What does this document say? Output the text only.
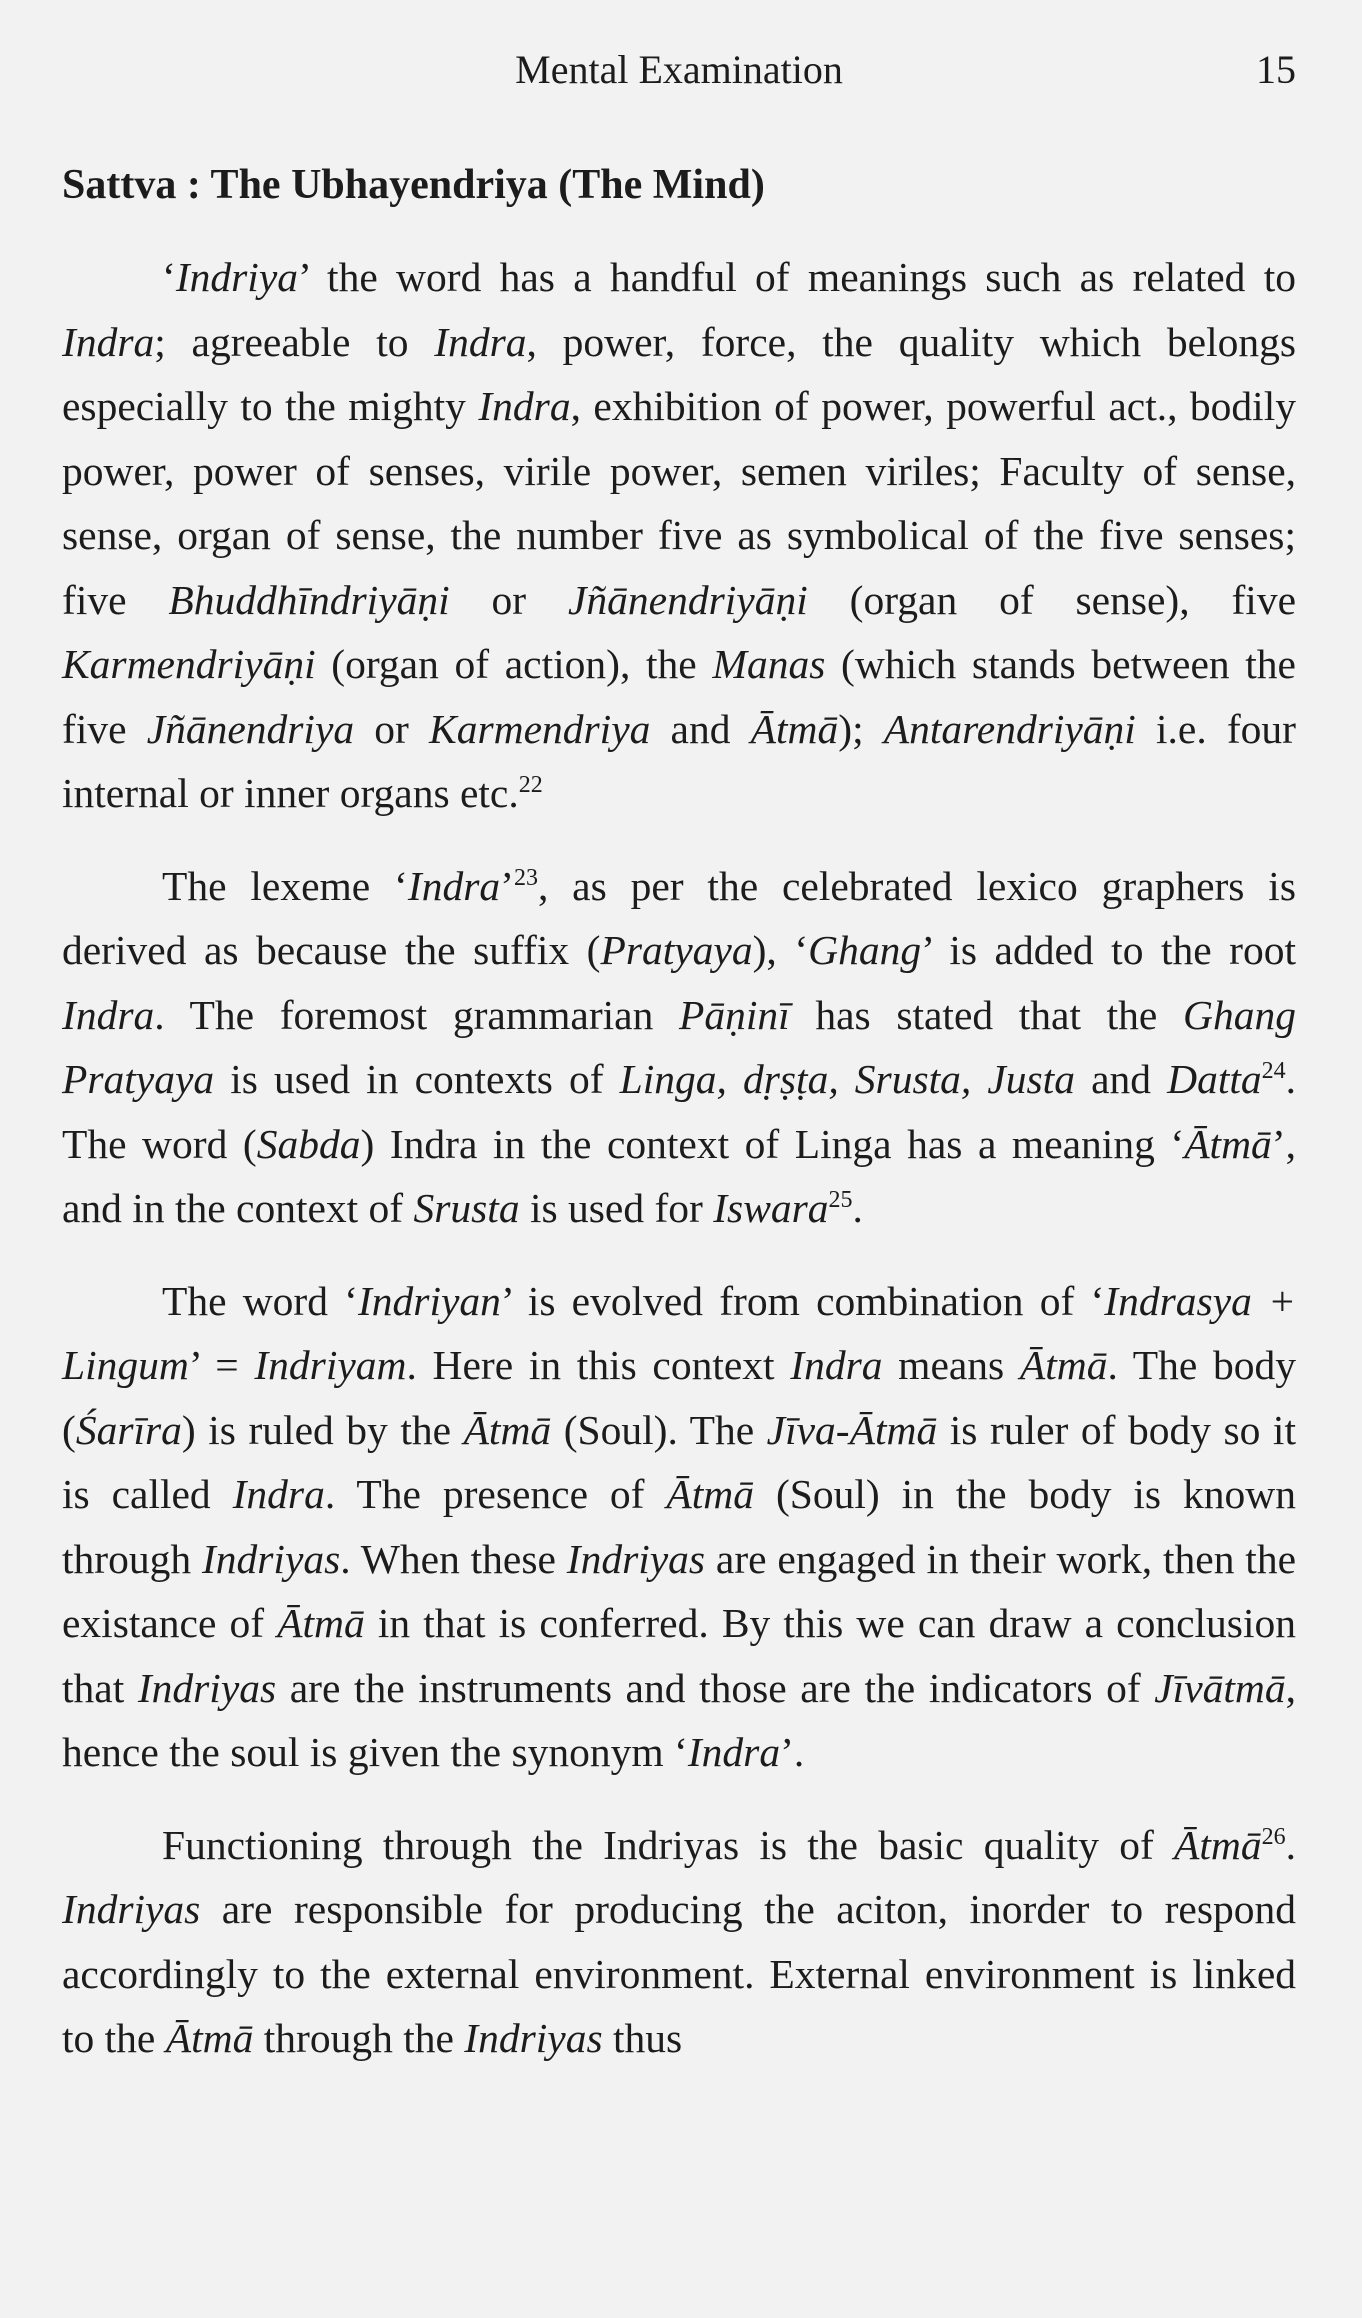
Mental Examination	15
Sattva : The Ubhayendriya (The Mind)

‘Indriya’ the word has a handful of meanings such as related to Indra; agreeable to Indra, power, force, the quality which belongs especially to the mighty Indra, exhibition of power, powerful act., bodily power, power of senses, virile power, semen viriles; Faculty of sense, sense, organ of sense, the number five as symbolical of the five senses; five Bhuddhīndriyāṇi or Jñānendriyāṇi (organ of sense), five Karmendriyāṇi (organ of action), the Manas (which stands between the five Jñānendriya or Karmendriya and Ātmā); Antarendriyāṇi i.e. four internal or inner organs etc.$^{22}$

The lexeme ‘Indra’$^{23}$, as per the celebrated lexico graphers is derived as because the suffix (Pratyaya), ‘Ghang’ is added to the root Indra. The foremost grammarian Pāṇinī has stated that the Ghang Pratyaya is used in contexts of Linga, dṛṣṭa, Srusta, Justa and Datta$^{24}$. The word (Sabda) Indra in the context of Linga has a meaning ‘Ātmā’, and in the context of Srusta is used for Iswara$^{25}$.

The word ‘Indriyan’ is evolved from combination of ‘Indrasya + Lingum’ = Indriyam. Here in this context Indra means Ātmā. The body (Śarīra) is ruled by the Ātmā (Soul). The Jīva-Ātmā is ruler of body so it is called Indra. The presence of Ātmā (Soul) in the body is known through Indriyas. When these Indriyas are engaged in their work, then the existance of Ātmā in that is conferred. By this we can draw a conclusion that Indriyas are the instruments and those are the indicators of Jīvātmā, hence the soul is given the synonym ‘Indra’.

Functioning through the Indriyas is the basic quality of Ātmā$^{26}$. Indriyas are responsible for producing the aciton, inorder to respond accordingly to the external environment. External environment is linked to the Ātmā through the Indriyas thus
